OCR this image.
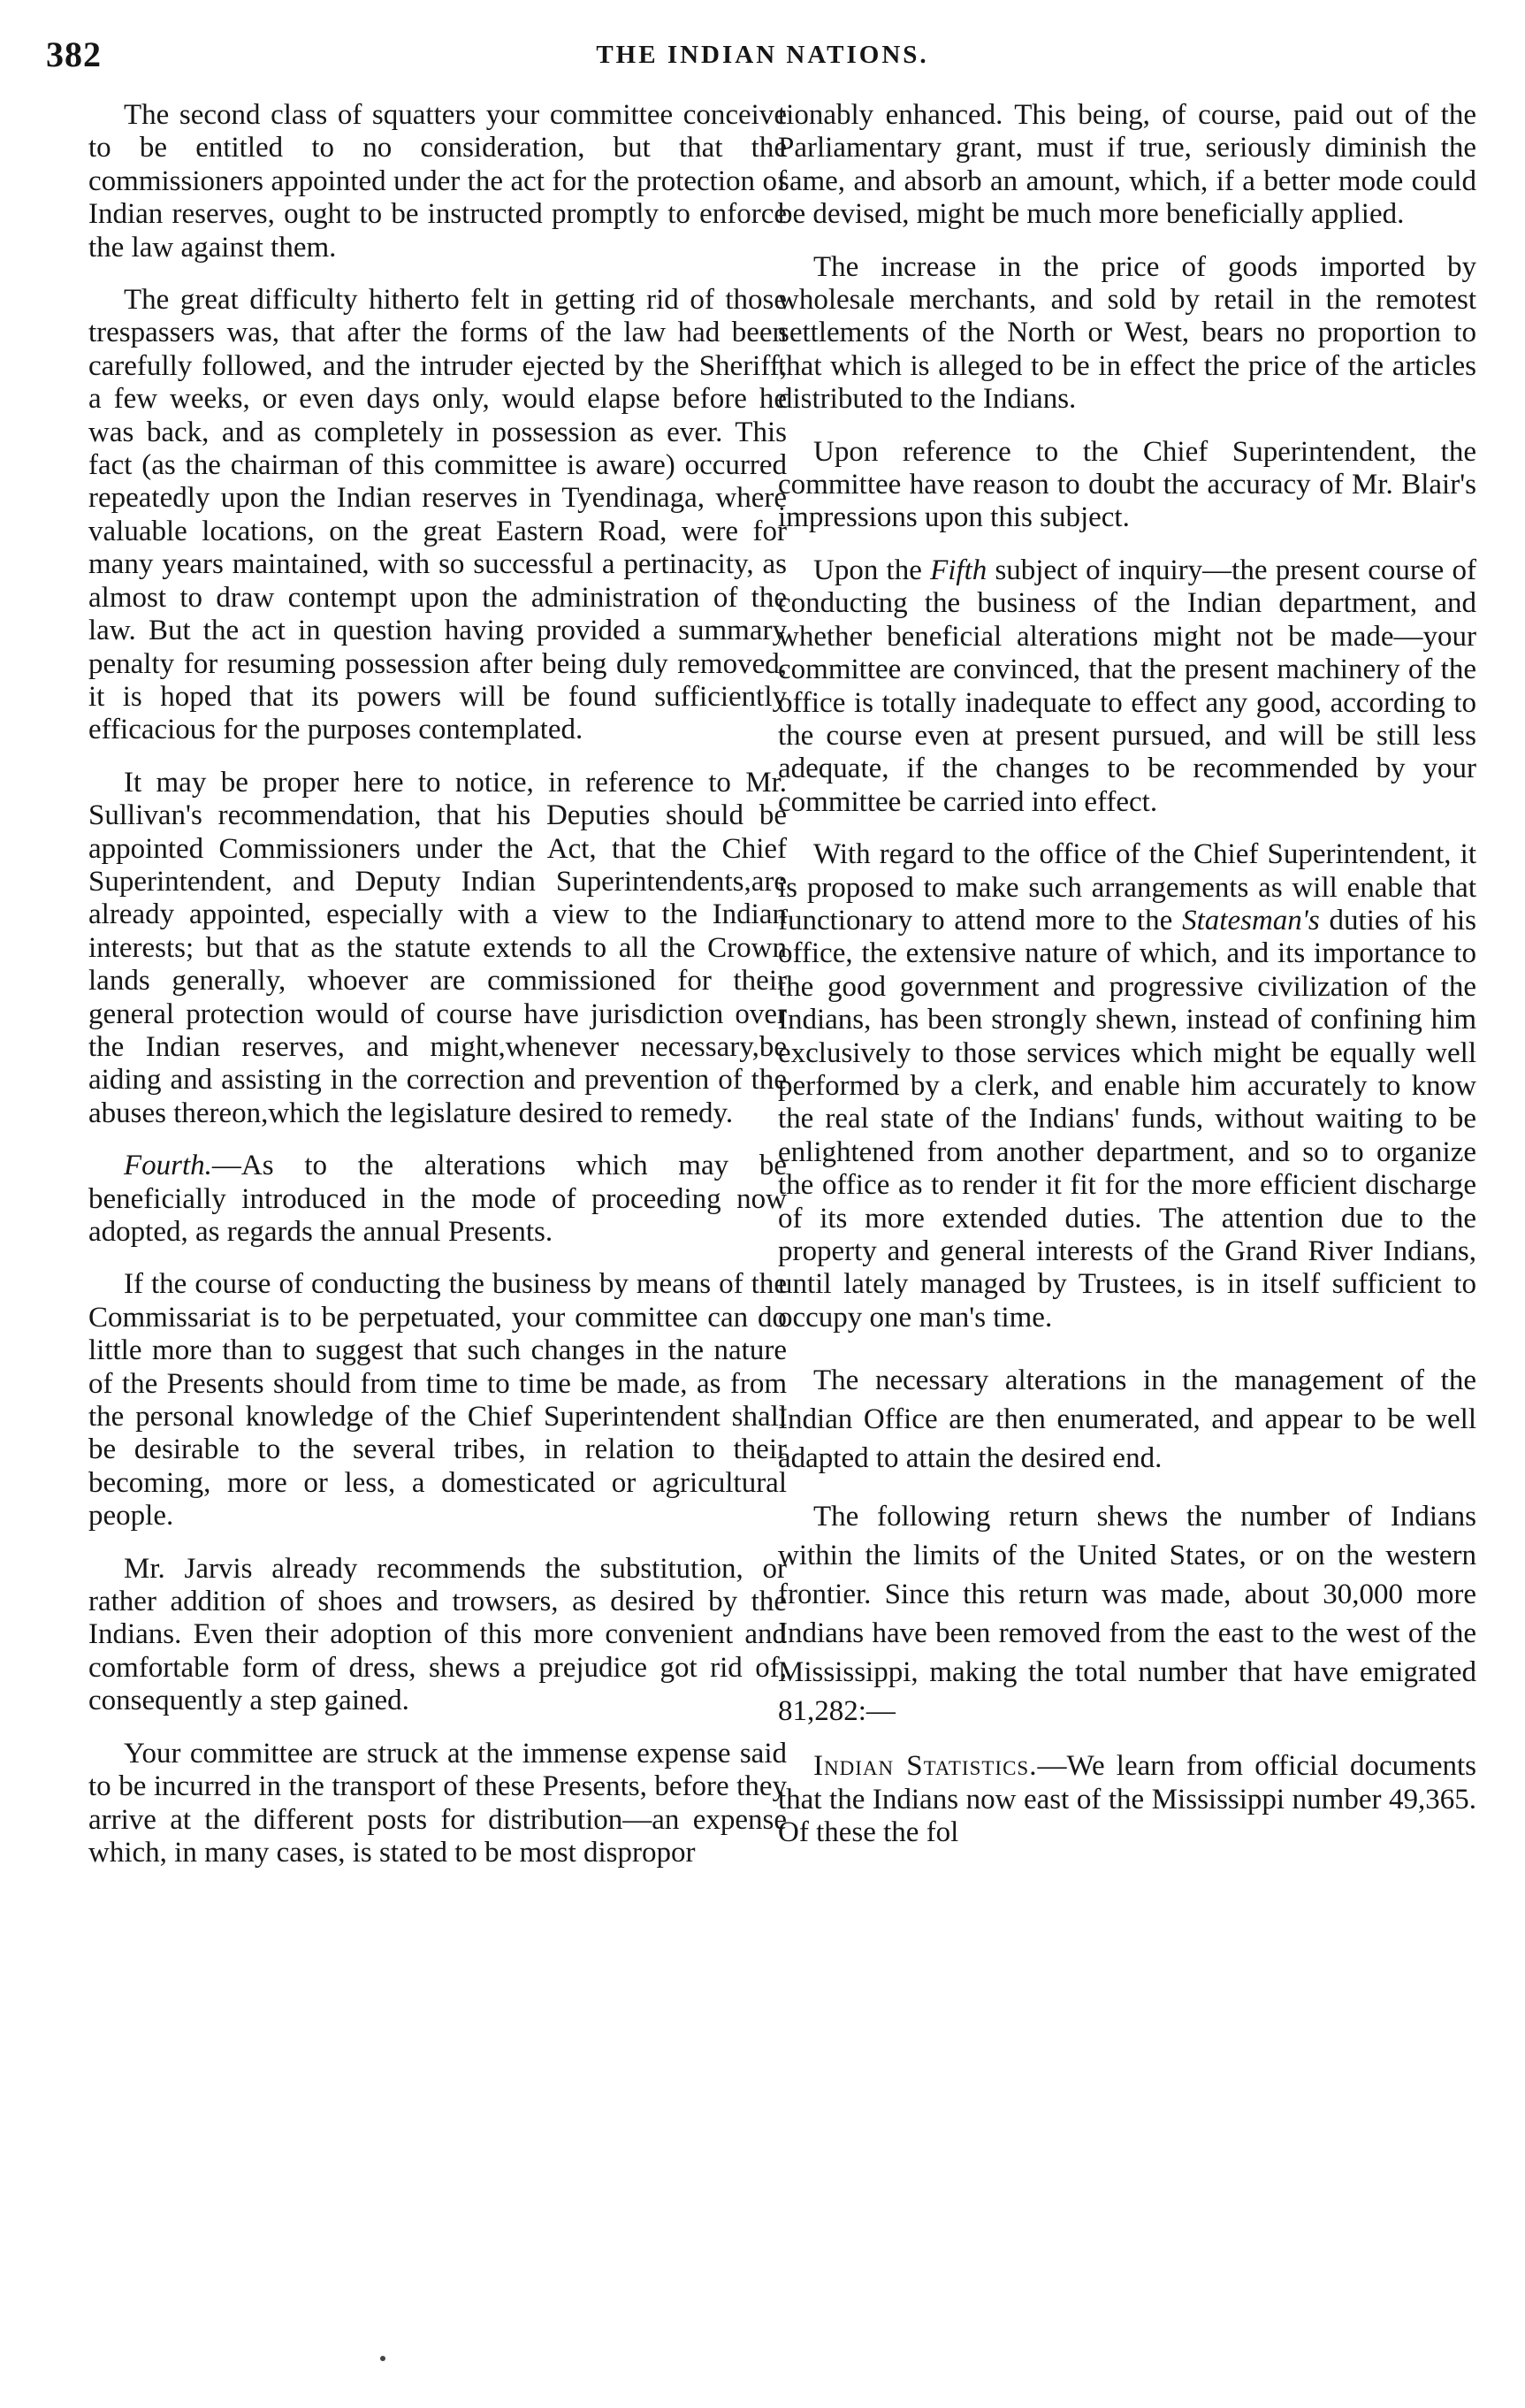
382	THE INDIAN NATIONS.

The second class of squatters your committee conceive to be entitled to no consideration, but that the commissioners appointed under the act for the protection of Indian reserves, ought to be instructed promptly to enforce the law against them.

The great difficulty hitherto felt in getting rid of those trespassers was, that after the forms of the law had been carefully followed, and the intruder ejected by the Sheriff, a few weeks, or even days only, would elapse before he was back, and as completely in possession as ever. This fact (as the chairman of this committee is aware) occurred repeatedly upon the Indian reserves in Tyendinaga, where valuable locations, on the great Eastern Road, were for many years maintained, with so successful a pertinacity, as almost to draw contempt upon the administration of the law. But the act in question having provided a summary penalty for resuming possession after being duly removed, it is hoped that its powers will be found sufficiently efficacious for the purposes contemplated.

It may be proper here to notice, in reference to Mr. Sullivan's recommendation, that his Deputies should be appointed Commissioners under the Act, that the Chief Superintendent, and Deputy Indian Superintendents,are already appointed, especially with a view to the Indian interests; but that as the statute extends to all the Crown lands generally, whoever are commissioned for their general protection would of course have jurisdiction over the Indian reserves, and might,whenever necessary,be aiding and assisting in the correction and prevention of the abuses thereon,which the legislature desired to remedy.

Fourth.—As to the alterations which may be beneficially introduced in the mode of proceeding now adopted, as regards the annual Presents.

If the course of conducting the business by means of the Commissariat is to be perpetuated, your committee can do little more than to suggest that such changes in the nature of the Presents should from time to time be made, as from the personal knowledge of the Chief Superintendent shall be desirable to the several tribes, in relation to their becoming, more or less, a domesticated or agricultural people.

Mr. Jarvis already recommends the substitution, or rather addition of shoes and trowsers, as desired by the Indians. Even their adoption of this more convenient and comfortable form of dress, shews a prejudice got rid of, consequently a step gained.

Your committee are struck at the immense expense said to be incurred in the transport of these Presents, before they arrive at the different posts for distribution—an expense which, in many cases, is stated to be most dispropor

tionably enhanced. This being, of course, paid out of the Parliamentary grant, must if true, seriously diminish the same, and absorb an amount, which, if a better mode could be devised, might be much more beneficially applied.

The increase in the price of goods imported by wholesale merchants, and sold by retail in the remotest settlements of the North or West, bears no proportion to that which is alleged to be in effect the price of the articles distributed to the Indians.

Upon reference to the Chief Superintendent, the committee have reason to doubt the accuracy of Mr. Blair's impressions upon this subject.

Upon the Fifth subject of inquiry—the present course of conducting the business of the Indian department, and whether beneficial alterations might not be made—your committee are convinced, that the present machinery of the office is totally inadequate to effect any good, according to the course even at present pursued, and will be still less adequate, if the changes to be recommended by your committee be carried into effect.

With regard to the office of the Chief Superintendent, it is proposed to make such arrangements as will enable that functionary to attend more to the Statesman's duties of his office, the extensive nature of which, and its importance to the good government and progressive civilization of the Indians, has been strongly shewn, instead of confining him exclusively to those services which might be equally well performed by a clerk, and enable him accurately to know the real state of the Indians' funds, without waiting to be enlightened from another department, and so to organize the office as to render it fit for the more efficient discharge of its more extended duties. The attention due to the property and general interests of the Grand River Indians, until lately managed by Trustees, is in itself sufficient to occupy one man's time.

The necessary alterations in the management of the Indian Office are then enumerated, and appear to be well adapted to attain the desired end.

The following return shews the number of Indians within the limits of the United States, or on the western frontier. Since this return was made, about 30,000 more Indians have been removed from the east to the west of the Mississippi, making the total number that have emigrated 81,282:—

Indian Statistics.—We learn from official documents that the Indians now east of the Mississippi number 49,365. Of these the fol
